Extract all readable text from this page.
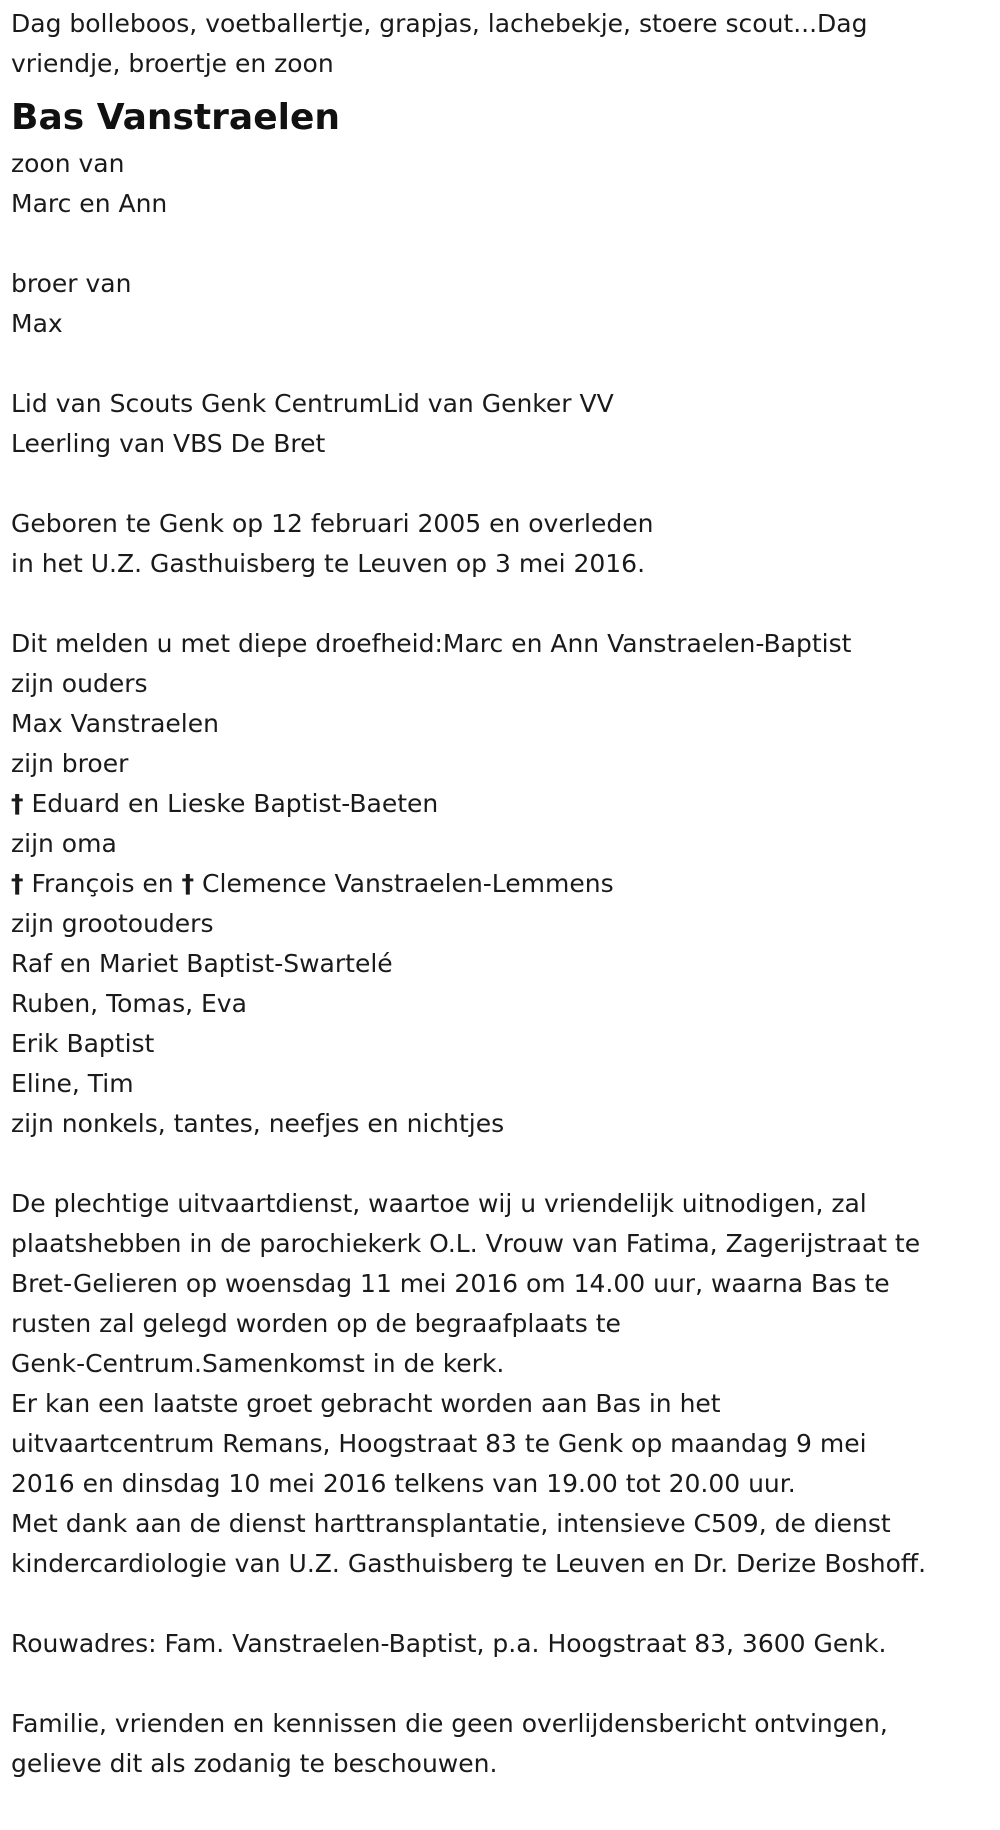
Dag bolleboos, voetballertje, grapjas, lachebekje, stoere scout...Dag
vriendje, broertje en zoon
Bas Vanstraelen
zoon van
Marc en Ann
broer van
Max
Lid van Scouts Genk CentrumLid van Genker VV
Leerling van VBS De Bret
Geboren te Genk op 12 februari 2005 en overleden
in het U.Z. Gasthuisberg te Leuven op 3 mei 2016.
Dit melden u met diepe droefheid:Marc en Ann Vanstraelen-Baptist
zijn ouders
Max Vanstraelen
zijn broer
† Eduard en Lieske Baptist-Baeten
zijn oma
† François en † Clemence Vanstraelen-Lemmens
zijn grootouders
Raf en Mariet Baptist-Swartelé
Ruben, Tomas, Eva
Erik Baptist
Eline, Tim
zijn nonkels, tantes, neefjes en nichtjes
De plechtige uitvaartdienst, waartoe wij u vriendelijk uitnodigen, zal
plaatshebben in de parochiekerk O.L. Vrouw van Fatima, Zagerijstraat te
Bret-Gelieren op woensdag 11 mei 2016 om 14.00 uur, waarna Bas te
rusten zal gelegd worden op de begraafplaats te
Genk-Centrum.Samenkomst in de kerk.
Er kan een laatste groet gebracht worden aan Bas in het
uitvaartcentrum Remans, Hoogstraat 83 te Genk op maandag 9 mei
2016 en dinsdag 10 mei 2016 telkens van 19.00 tot 20.00 uur.
Met dank aan de dienst harttransplantatie, intensieve C509, de dienst
kindercardiologie van U.Z. Gasthuisberg te Leuven en Dr. Derize Boshoff.
Rouwadres: Fam. Vanstraelen-Baptist, p.a. Hoogstraat 83, 3600 Genk.
Familie, vrienden en kennissen die geen overlijdensbericht ontvingen,
gelieve dit als zodanig te beschouwen.
